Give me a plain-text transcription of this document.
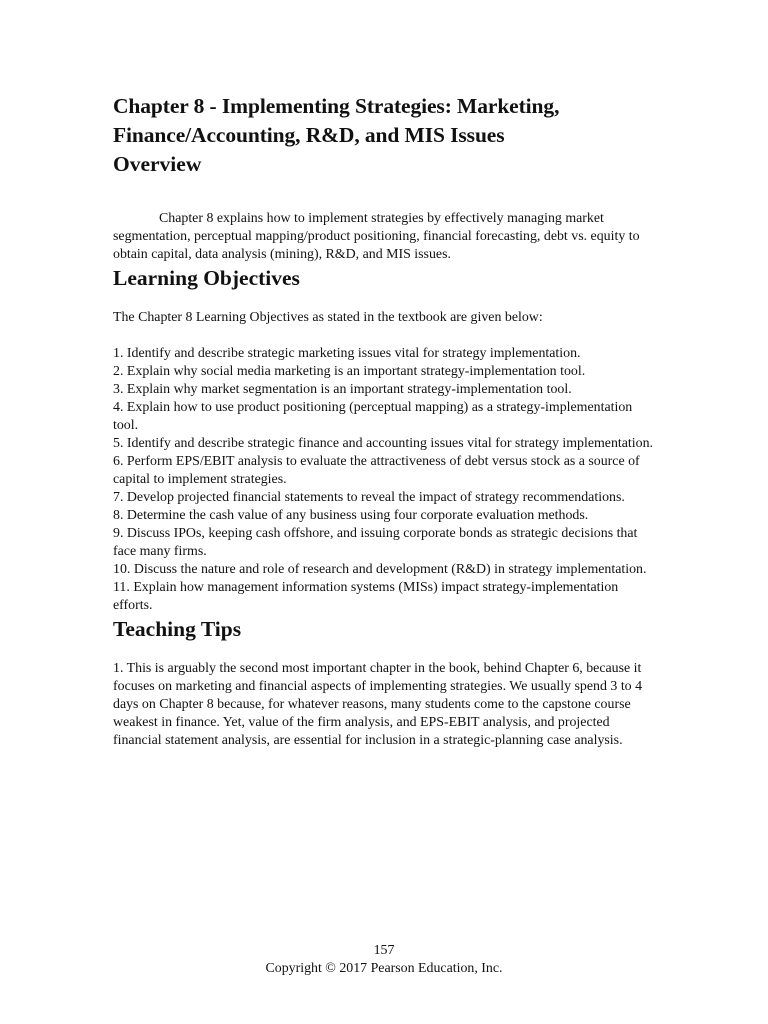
Chapter 8 - Implementing Strategies: Marketing, Finance/Accounting, R&D, and MIS Issues
Overview

Chapter 8 explains how to implement strategies by effectively managing market segmentation, perceptual mapping/product positioning, financial forecasting, debt vs. equity to obtain capital, data analysis (mining), R&D, and MIS issues.

Learning Objectives

The Chapter 8 Learning Objectives as stated in the textbook are given below:

1. Identify and describe strategic marketing issues vital for strategy implementation.
2. Explain why social media marketing is an important strategy-implementation tool.
3. Explain why market segmentation is an important strategy-implementation tool.
4. Explain how to use product positioning (perceptual mapping) as a strategy-implementation tool.
5. Identify and describe strategic finance and accounting issues vital for strategy implementation.
6. Perform EPS/EBIT analysis to evaluate the attractiveness of debt versus stock as a source of capital to implement strategies.
7. Develop projected financial statements to reveal the impact of strategy recommendations.
8. Determine the cash value of any business using four corporate evaluation methods.
9. Discuss IPOs, keeping cash offshore, and issuing corporate bonds as strategic decisions that face many firms.
10. Discuss the nature and role of research and development (R&D) in strategy implementation.
11. Explain how management information systems (MISs) impact strategy-implementation efforts.
Teaching Tips

1. This is arguably the second most important chapter in the book, behind Chapter 6, because it focuses on marketing and financial aspects of implementing strategies. We usually spend 3 to 4 days on Chapter 8 because, for whatever reasons, many students come to the capstone course weakest in finance. Yet, value of the firm analysis, and EPS-EBIT analysis, and projected financial statement analysis, are essential for inclusion in a strategic-planning case analysis.

157
Copyright © 2017 Pearson Education, Inc.
